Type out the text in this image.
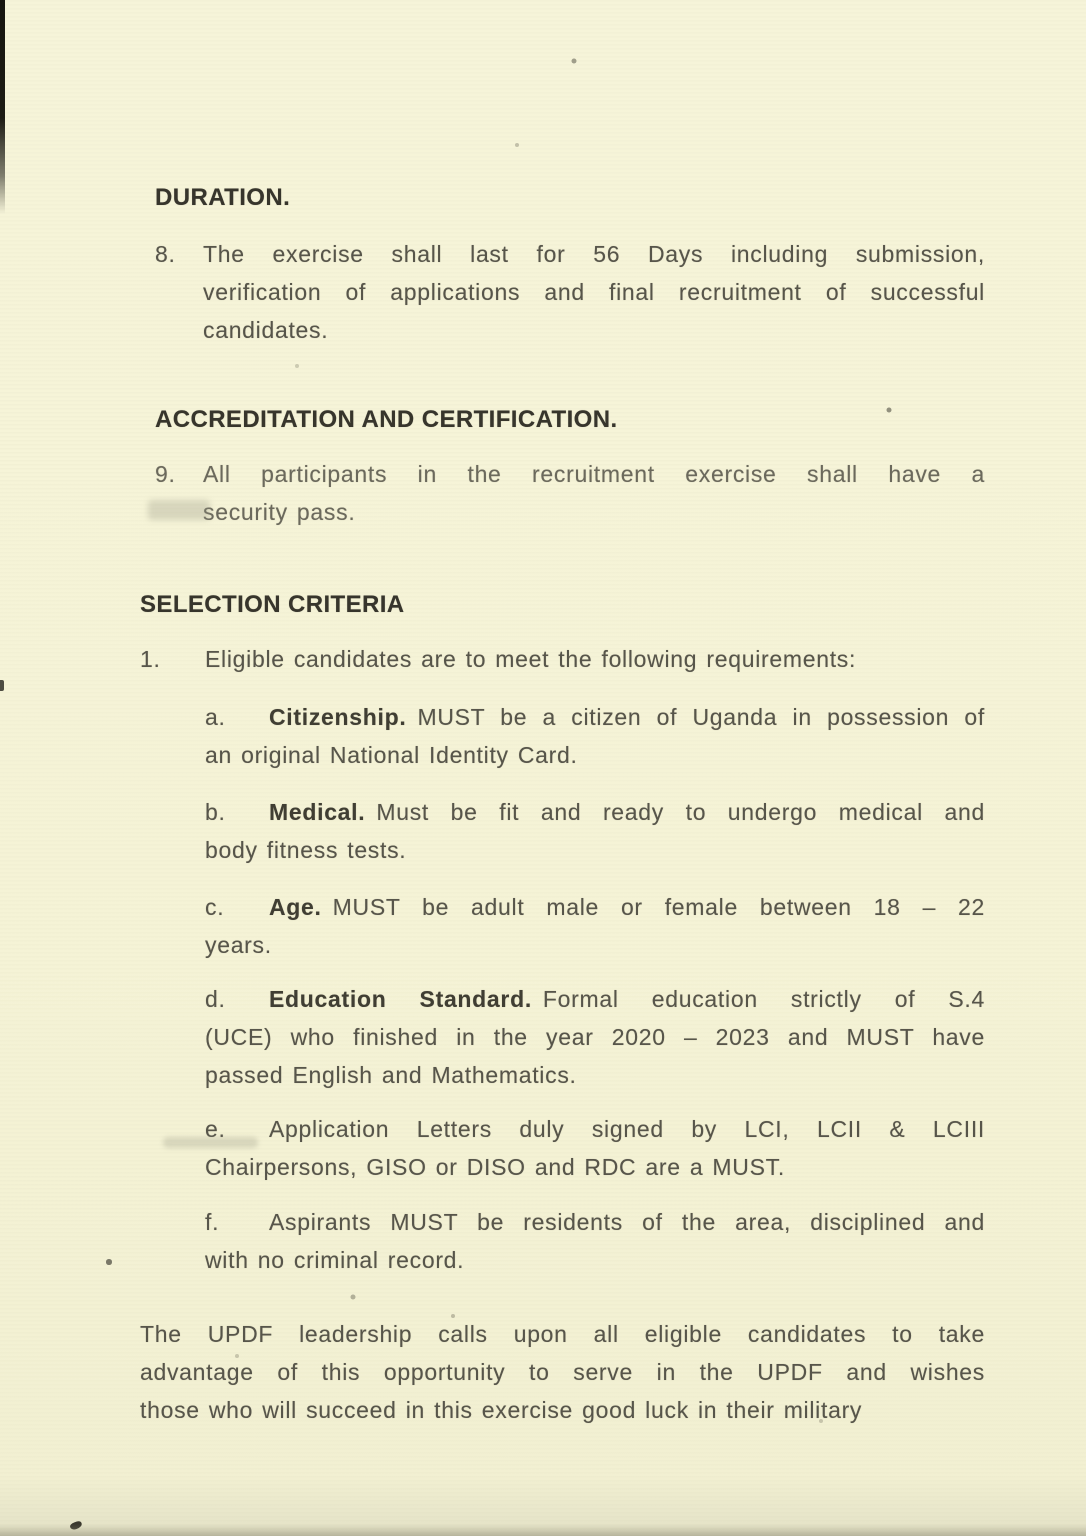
DURATION.
8.	The exercise shall last for 56 Days including submission,
verification of applications and final recruitment of successful
candidates.
ACCREDITATION AND CERTIFICATION.
9.	All participants in the recruitment exercise shall have a
security pass.
SELECTION CRITERIA
1.	Eligible candidates are to meet the following requirements:
a. Citizenship. MUST be a citizen of Uganda in possession of
an original National Identity Card.
b. Medical. Must be fit and ready to undergo medical and
body fitness tests.
c. Age. MUST be adult male or female between 18 – 22
years.
d. Education Standard. Formal education strictly of S.4
(UCE) who finished in the year 2020 – 2023 and MUST have
passed English and Mathematics.
e. Application Letters duly signed by LCI, LCII & LCIII
Chairpersons, GISO or DISO and RDC are a MUST.
f. Aspirants MUST be residents of the area, disciplined and
with no criminal record.
The UPDF leadership calls upon all eligible candidates to take
advantage of this opportunity to serve in the UPDF and wishes
those who will succeed in this exercise good luck in their military
